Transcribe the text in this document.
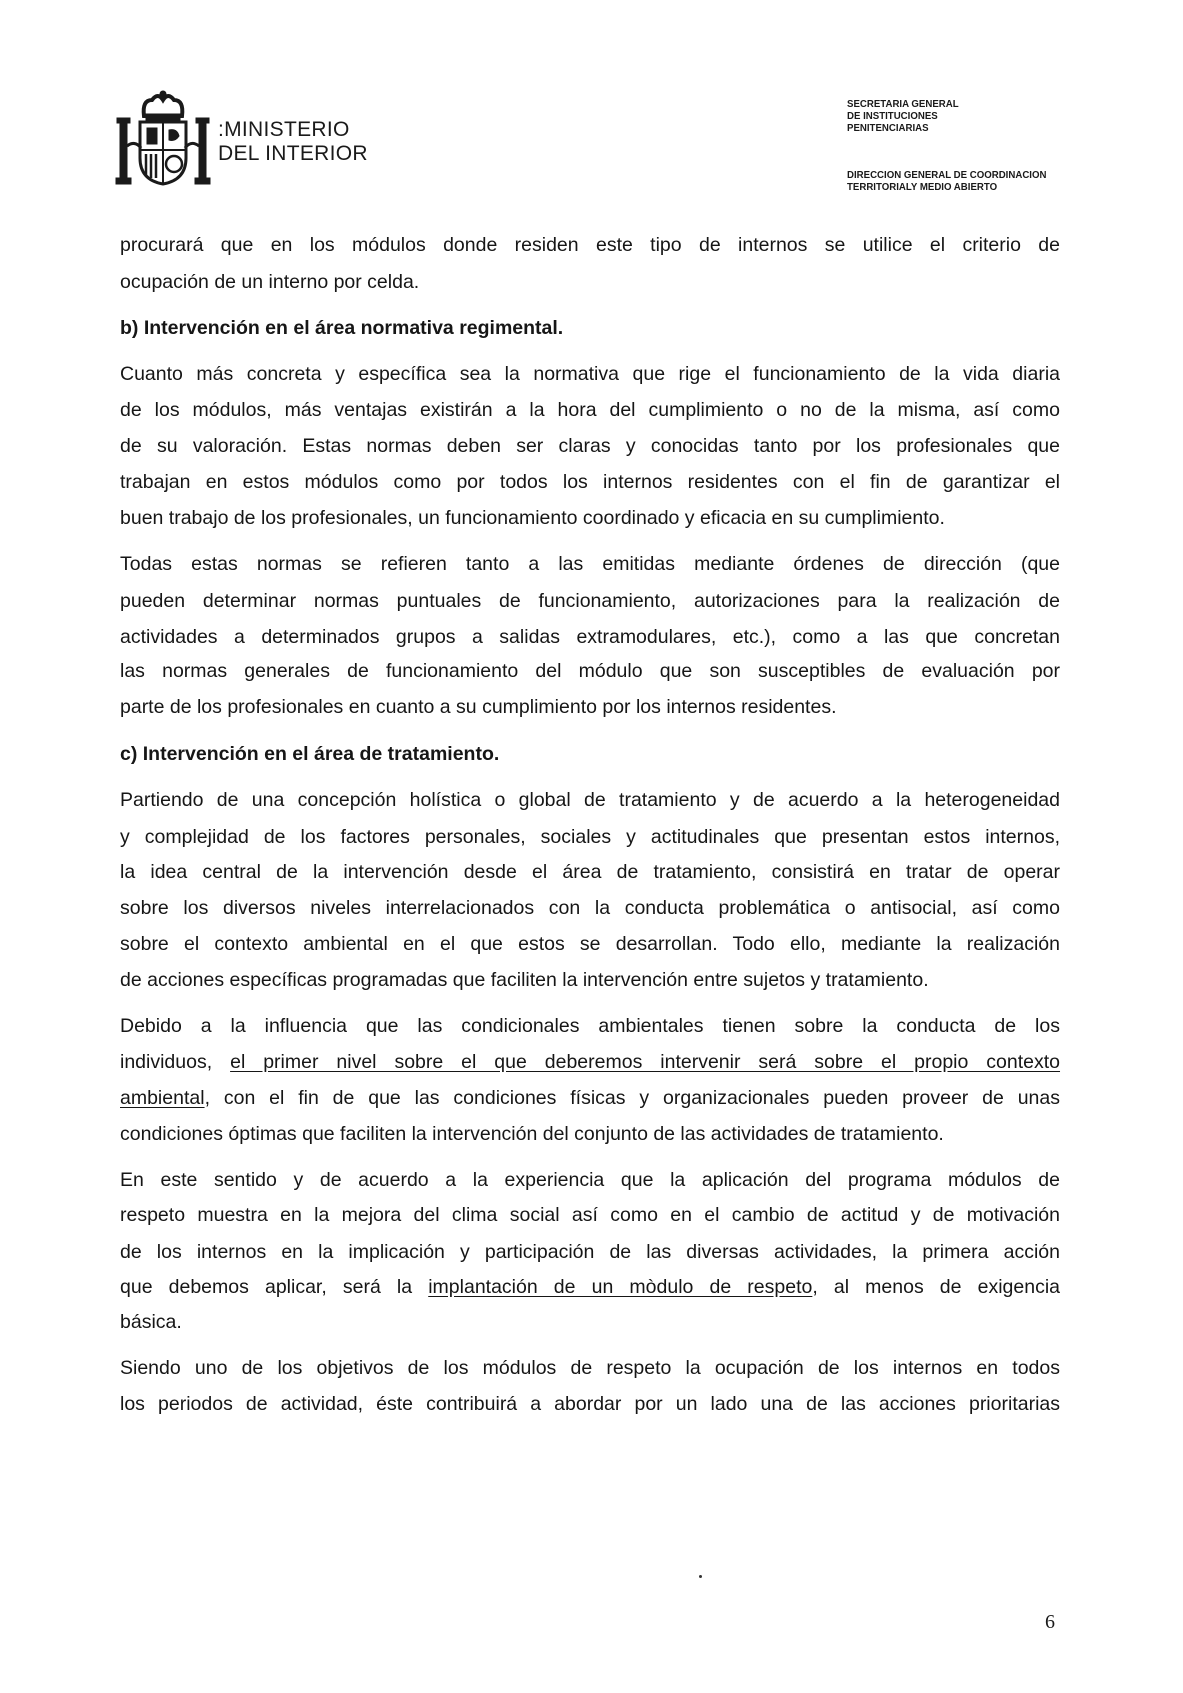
:MINISTERIO
DEL INTERIOR
SECRETARIA GENERAL
DE INSTITUCIONES
PENITENCIARIAS
DIRECCION GENERAL DE COORDINACION
TERRITORIALY MEDIO ABIERTO
procurará que en los módulos donde residen este tipo de internos se utilice el criterio de
ocupación de un interno por celda.
b) Intervención en el área normativa regimental.
Cuanto más concreta y específica sea la normativa que rige el funcionamiento de la vida diaria
de los módulos, más ventajas existirán a la hora del cumplimiento o no de la misma, así como
de su valoración. Estas normas deben ser claras y conocidas tanto por los profesionales que
trabajan en estos módulos como por todos los internos residentes con el fin de garantizar el
buen trabajo de los profesionales, un funcionamiento coordinado y eficacia en su cumplimiento.
Todas estas normas se refieren tanto a las emitidas mediante órdenes de dirección (que
pueden determinar normas puntuales de funcionamiento, autorizaciones para la realización de
actividades a determinados grupos a salidas extramodulares, etc.), como a las que concretan
las normas generales de funcionamiento del módulo que son susceptibles de evaluación por
parte de los profesionales en cuanto a su cumplimiento por los internos residentes.
c) Intervención en el área de tratamiento.
Partiendo de una concepción holística o global de tratamiento y de acuerdo a la heterogeneidad
y complejidad de los factores personales, sociales y actitudinales que presentan estos internos,
la idea central de la intervención desde el área de tratamiento, consistirá en tratar de operar
sobre los diversos niveles interrelacionados con la conducta problemática o antisocial, así como
sobre el contexto ambiental en el que estos se desarrollan. Todo ello, mediante la realización
de acciones específicas programadas que faciliten la intervención entre sujetos y tratamiento.
Debido a la influencia que las condicionales ambientales tienen sobre la conducta de los
individuos, el primer nivel sobre el que deberemos intervenir será sobre el propio contexto
ambiental, con el fin de que las condiciones físicas y organizacionales pueden proveer de unas
condiciones óptimas que faciliten la intervención del conjunto de las actividades de tratamiento.
En este sentido y de acuerdo a la experiencia que la aplicación del programa módulos de
respeto muestra en la mejora del clima social así como en el cambio de actitud y de motivación
de los internos en la implicación y participación de las diversas actividades, la primera acción
que debemos aplicar, será la implantación de un mòdulo de respeto, al menos de exigencia
básica.
Siendo uno de los objetivos de los módulos de respeto la ocupación de los internos en todos
los periodos de actividad, éste contribuirá a abordar por un lado una de las acciones prioritarias
6
